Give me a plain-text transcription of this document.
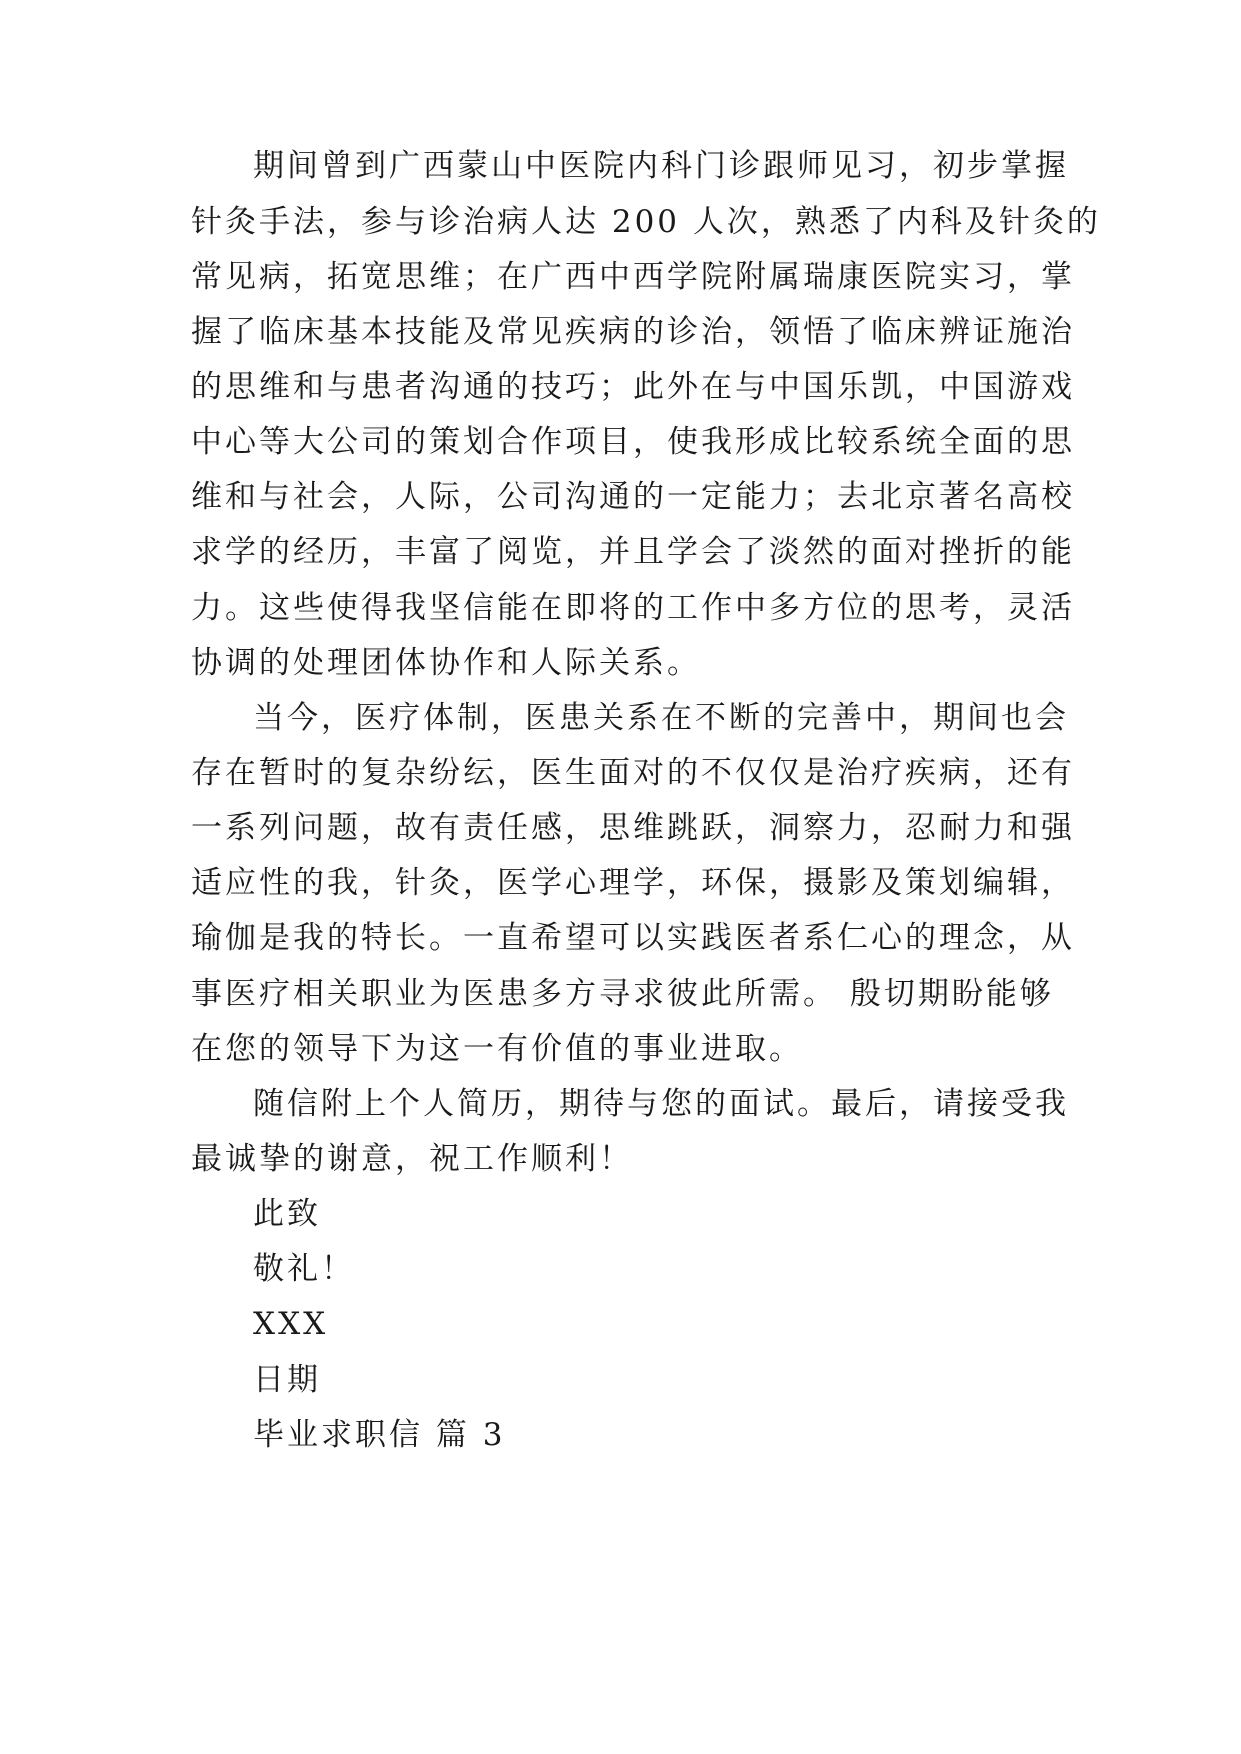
期间曾到广西蒙山中医院内科门诊跟师见习，初步掌握
针灸手法，参与诊治病人达 200 人次，熟悉了内科及针灸的
常见病，拓宽思维；在广西中西学院附属瑞康医院实习，掌
握了临床基本技能及常见疾病的诊治，领悟了临床辨证施治
的思维和与患者沟通的技巧；此外在与中国乐凯，中国游戏
中心等大公司的策划合作项目，使我形成比较系统全面的思
维和与社会，人际，公司沟通的一定能力；去北京著名高校
求学的经历，丰富了阅览，并且学会了淡然的面对挫折的能
力。这些使得我坚信能在即将的工作中多方位的思考，灵活
协调的处理团体协作和人际关系。
当今，医疗体制，医患关系在不断的完善中，期间也会
存在暂时的复杂纷纭，医生面对的不仅仅是治疗疾病，还有
一系列问题，故有责任感，思维跳跃，洞察力，忍耐力和强
适应性的我，针灸，医学心理学，环保，摄影及策划编辑，
瑜伽是我的特长。一直希望可以实践医者系仁心的理念，从
事医疗相关职业为医患多方寻求彼此所需。 殷切期盼能够
在您的领导下为这一有价值的事业进取。
随信附上个人简历，期待与您的面试。最后，请接受我
最诚挚的谢意，祝工作顺利！
此致
敬礼！
XXX
日期
毕业求职信 篇 3
